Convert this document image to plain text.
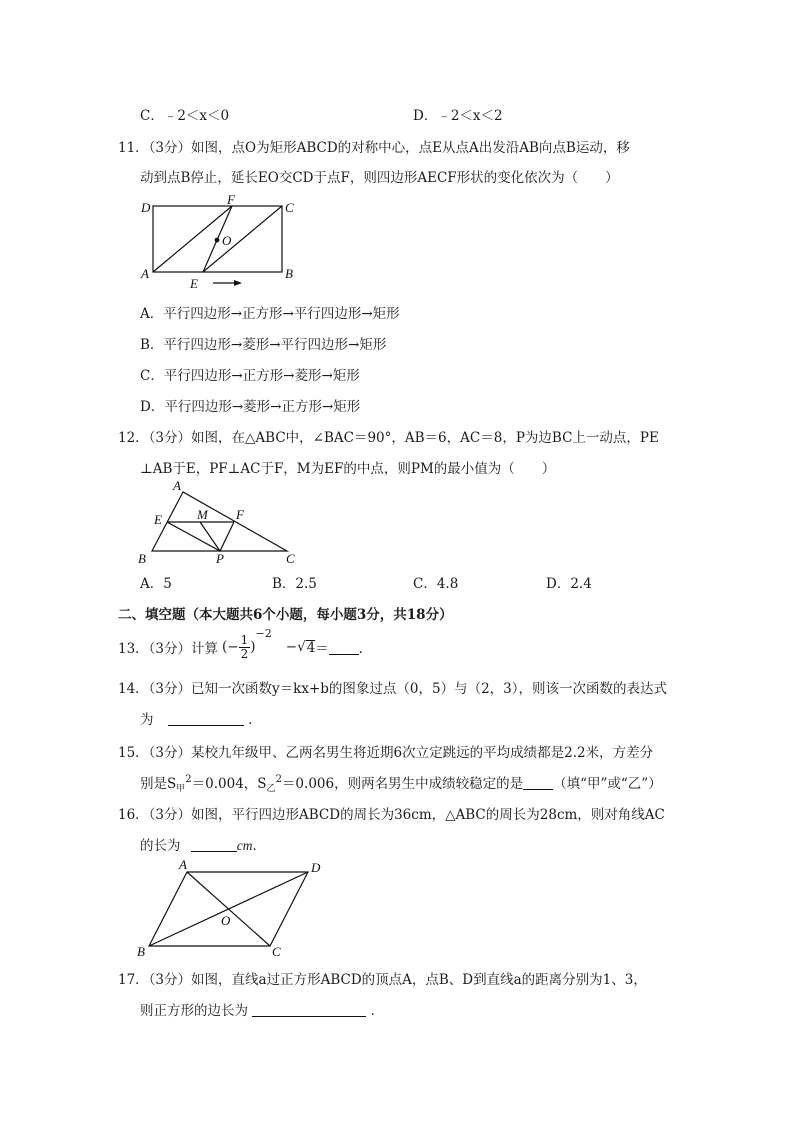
C．﹣2＜x＜0	D．﹣2＜x＜2
11．（3分）如图，点O为矩形ABCD的对称中心，点E从点A出发沿AB向点B运动，移
动到点B停止，延长EO交CD于点F，则四边形AECF形状的变化依次为（　　）
D
F
C
O
A
E
B
A．平行四边形→正方形→平行四边形→矩形
B．平行四边形→菱形→平行四边形→矩形
C．平行四边形→正方形→菱形→矩形
D．平行四边形→菱形→正方形→矩形
12．（3分）如图，在△ABC中，∠BAC＝90°，AB＝6，AC＝8，P为边BC上一动点，PE
⊥AB于E，PF⊥AC于F，M为EF的中点，则PM的最小值为（　　）
A
E	M F
B	P	C
A．5	B．2.5	C．4.8	D．2.4
二、填空题（本大题共6个小题，每小题3分，共18分）
13．（3分）计算 (− $\frac{1}{2}$ )
−2
−√ 4 ＝ ．
14．（3分）已知一次函数y＝kx+b的图象过点（0，5）与（2，3），则该一次函数的表达式
为	．
15．（3分）某校九年级甲、乙两名男生将近期6次立定跳远的平均成绩都是2.2米，方差分
别是$S_甲^2=0.004$，$S_乙^2=0.006$，则两名男生中成绩较稳定的是 （填“甲”或“乙”）
16．（3分）如图，平行四边形ABCD的周长为36cm，△ABC的周长为28cm，则对角线AC
的长为	cm．
A	D
O
B	C
17．（3分）如图，直线a过正方形ABCD的顶点A，点B、D到直线a的距离分别为1、3，
则正方形的边长为	．
